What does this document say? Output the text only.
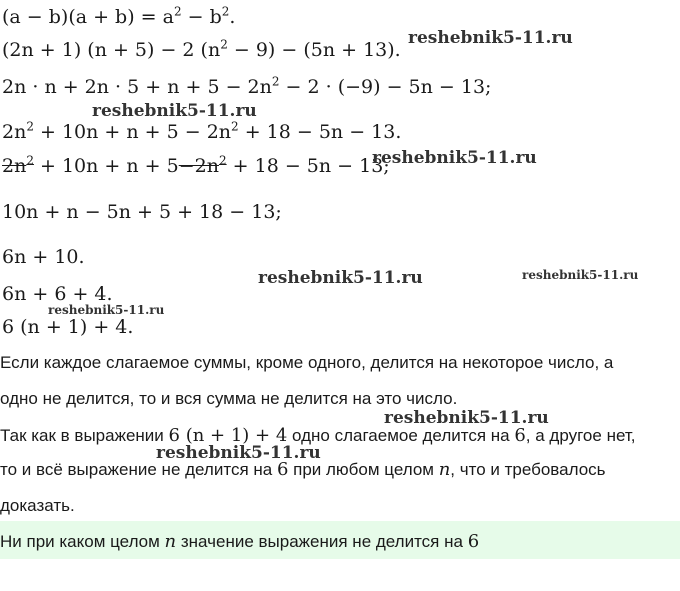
$(a - b)(a + b) = a^2 - b^2$.
(2n + 1) (n + 5) − 2 $(n^2 - 9) - (5n + 13)$.
$2n \cdot n + 2n \cdot 5 + n + 5 - 2n^2 - 2 \cdot (-9) - 5n - 13$;
$2n^2 + 10n + n + 5 - 2n^2 + 18 - 5n - 13$.
$2n^2 + 10n + n + 5-2n^2 + 18 - 5n - 13$;
10n + n − 5n + 5 + 18 − 13;
6n + 10.
6n + 6 + 4.
6 (n + 1) + 4.
Если каждое слагаемое суммы, кроме одного, делится на некоторое число, а
одно не делится, то и вся сумма не делится на это число.
Так как в выражении 6 (n + 1) + 4 одно слагаемое делится на 6, а другое нет,
то и всё выражение не делится на 6 при любом целом n, что и требовалось
доказать.
Ни при каком целом n значение выражения не делится на 6
reshebnik5-11.ru
reshebnik5-11.ru
reshebnik5-11.ru
reshebnik5-11.ru	reshebnik5-11.ru
reshebnik5-11.ru
reshebnik5-11.ru
reshebnik5-11.ru
